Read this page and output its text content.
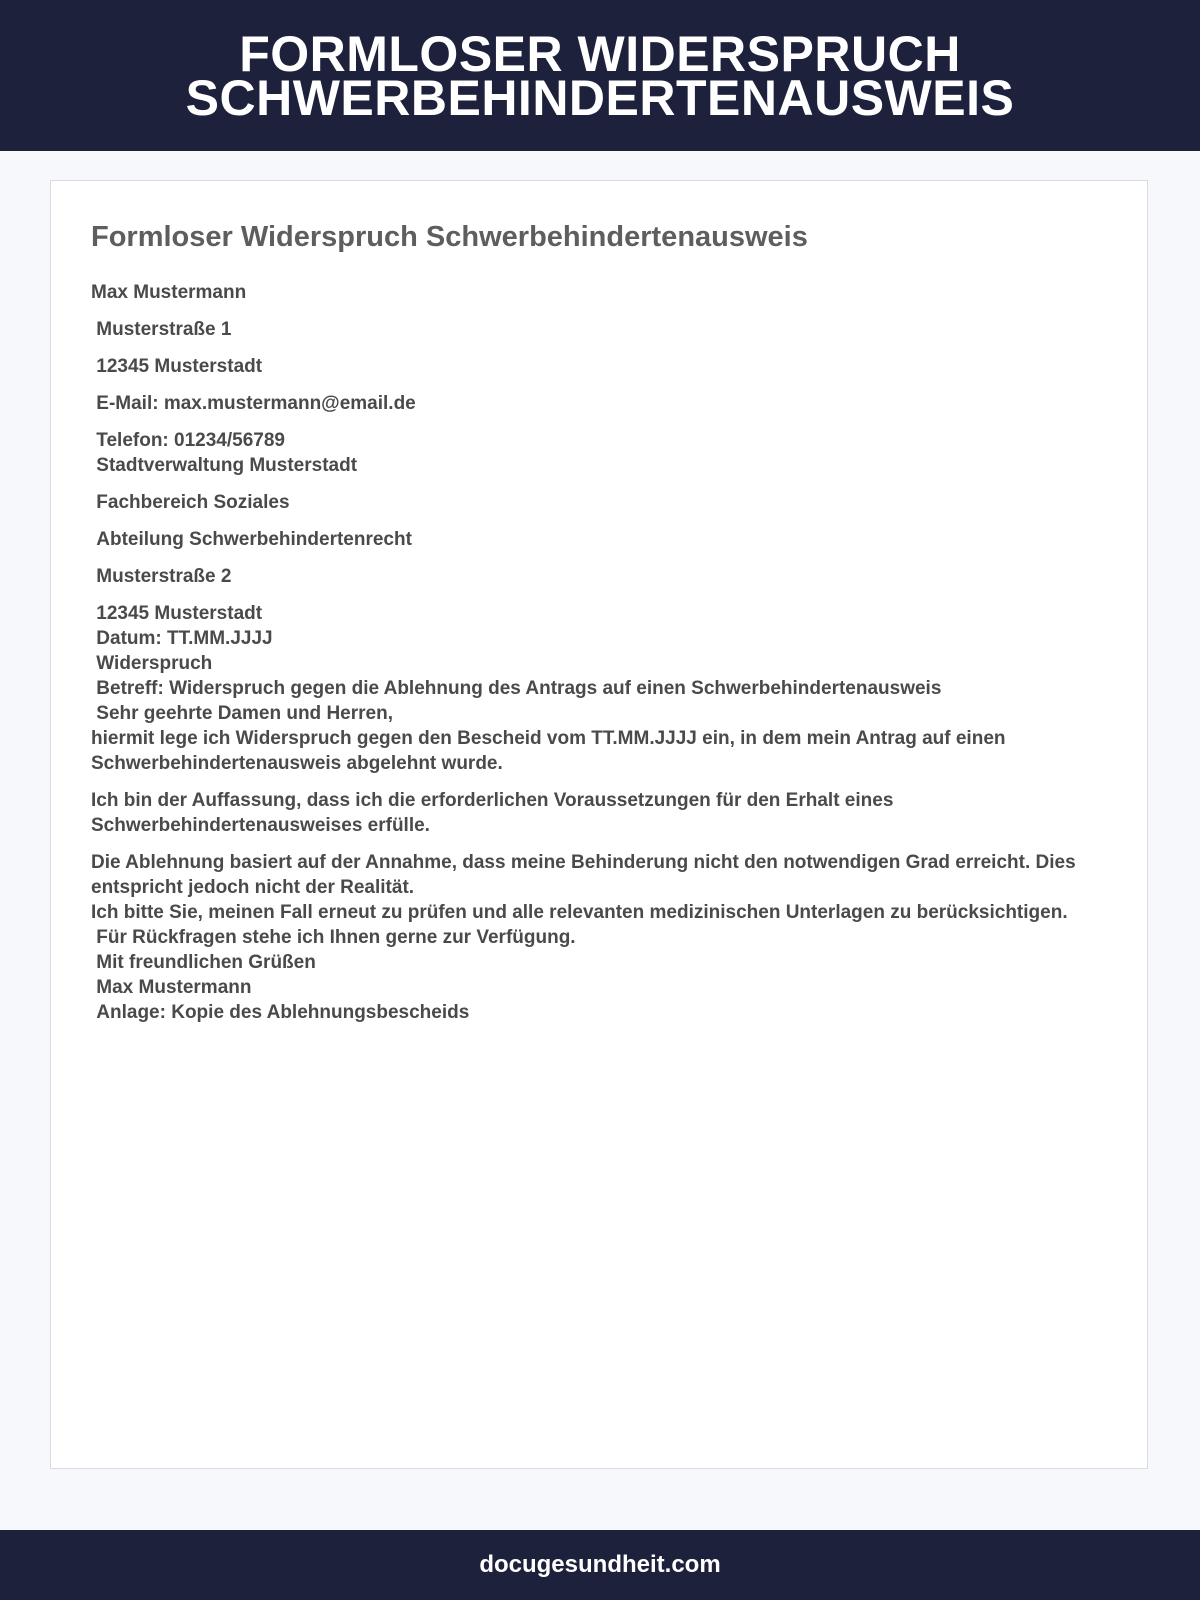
FORMLOSER WIDERSPRUCH
SCHWERBEHINDERTENAUSWEIS
Formloser Widerspruch Schwerbehindertenausweis
Max Mustermann
Musterstraße 1
12345 Musterstadt
E-Mail: max.mustermann@email.de
Telefon: 01234/56789
Stadtverwaltung Musterstadt
Fachbereich Soziales
Abteilung Schwerbehindertenrecht
Musterstraße 2
12345 Musterstadt
Datum: TT.MM.JJJJ
Widerspruch
Betreff: Widerspruch gegen die Ablehnung des Antrags auf einen Schwerbehindertenausweis
Sehr geehrte Damen und Herren,
hiermit lege ich Widerspruch gegen den Bescheid vom TT.MM.JJJJ ein, in dem mein Antrag auf einen Schwerbehindertenausweis abgelehnt wurde.
Ich bin der Auffassung, dass ich die erforderlichen Voraussetzungen für den Erhalt eines Schwerbehindertenausweises erfülle.
Die Ablehnung basiert auf der Annahme, dass meine Behinderung nicht den notwendigen Grad erreicht. Dies entspricht jedoch nicht der Realität.
Ich bitte Sie, meinen Fall erneut zu prüfen und alle relevanten medizinischen Unterlagen zu berücksichtigen.
Für Rückfragen stehe ich Ihnen gerne zur Verfügung.
Mit freundlichen Grüßen
Max Mustermann
Anlage: Kopie des Ablehnungsbescheids
docugesundheit.com
